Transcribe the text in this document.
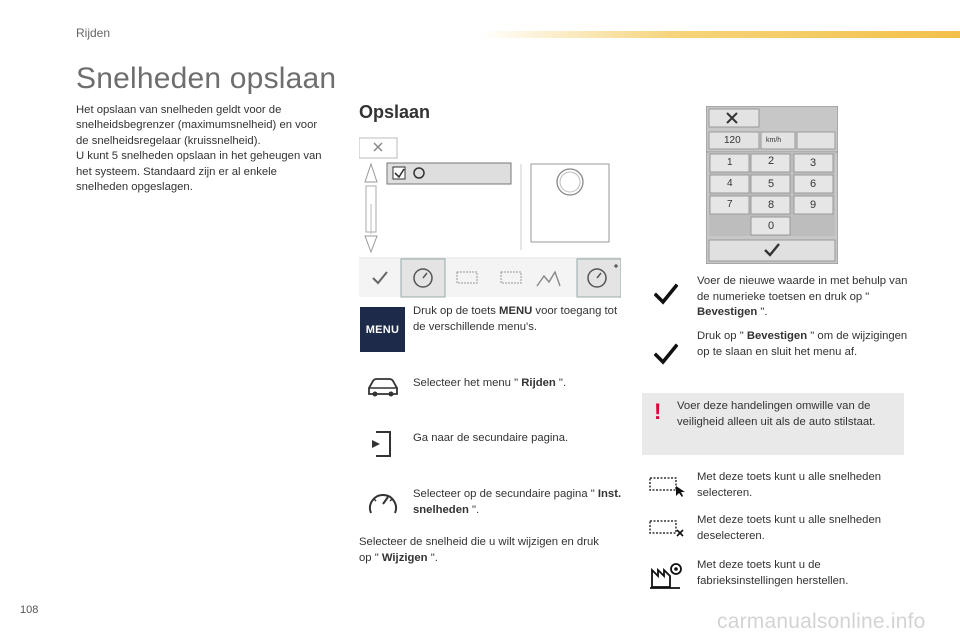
Rijden
Snelheden opslaan

Het opslaan van snelheden geldt voor de snelheidsbegrenzer (maximumsnelheid) en voor de snelheidsregelaar (kruissnelheid).

U kunt 5 snelheden opslaan in het geheugen van het systeem. Standaard zijn er al enkele snelheden opgeslagen.

Opslaan
120	km/h
1	2	3
4	5	6
7	8	9
0
MENU
Druk op de toets MENU voor toegang tot de verschillende menu's.
Selecteer het menu " Rijden ".
Ga naar de secundaire pagina.
Selecteer op de secundaire pagina " Inst. snelheden ".
Selecteer de snelheid die u wilt wijzigen en druk op " Wijzigen ".
Voer de nieuwe waarde in met behulp van de numerieke toetsen en druk op " Bevestigen ".
Druk op " Bevestigen " om de wijzigingen op te slaan en sluit het menu af.
! Voer deze handelingen omwille van de veiligheid alleen uit als de auto stilstaat.
Met deze toets kunt u alle snelheden selecteren.
Met deze toets kunt u alle snelheden deselecteren.
Met deze toets kunt u de fabrieksinstellingen herstellen.
108	carmanualsonline.info
